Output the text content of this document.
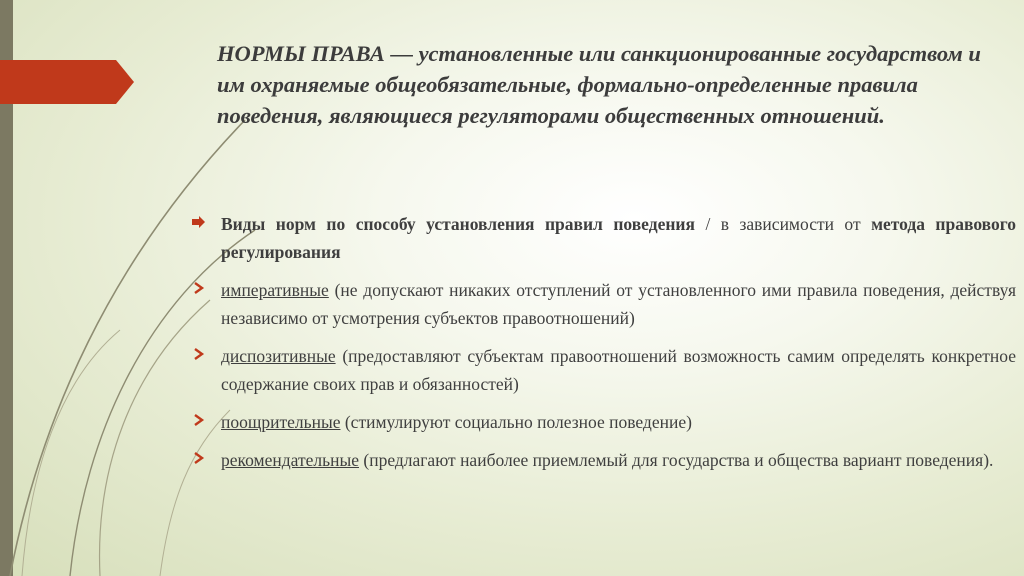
НОРМЫ ПРАВА — установленные или санкционированные государством и им охраняемые общеобязательные, формально-определенные правила поведения, являющиеся регуляторами общественных отношений.

Виды норм по способу установления правил поведения / в зависимости от метода правового регулирования

императивные (не допускают никаких отступлений от установленного ими правила поведения, действуя независимо от усмотрения субъектов правоотношений)

диспозитивные (предоставляют субъектам правоотношений возможность самим определять конкретное содержание своих прав и обязанностей)

поощрительные (стимулируют социально полезное поведение)

рекомендательные (предлагают наиболее приемлемый для государства и общества вариант поведения).
